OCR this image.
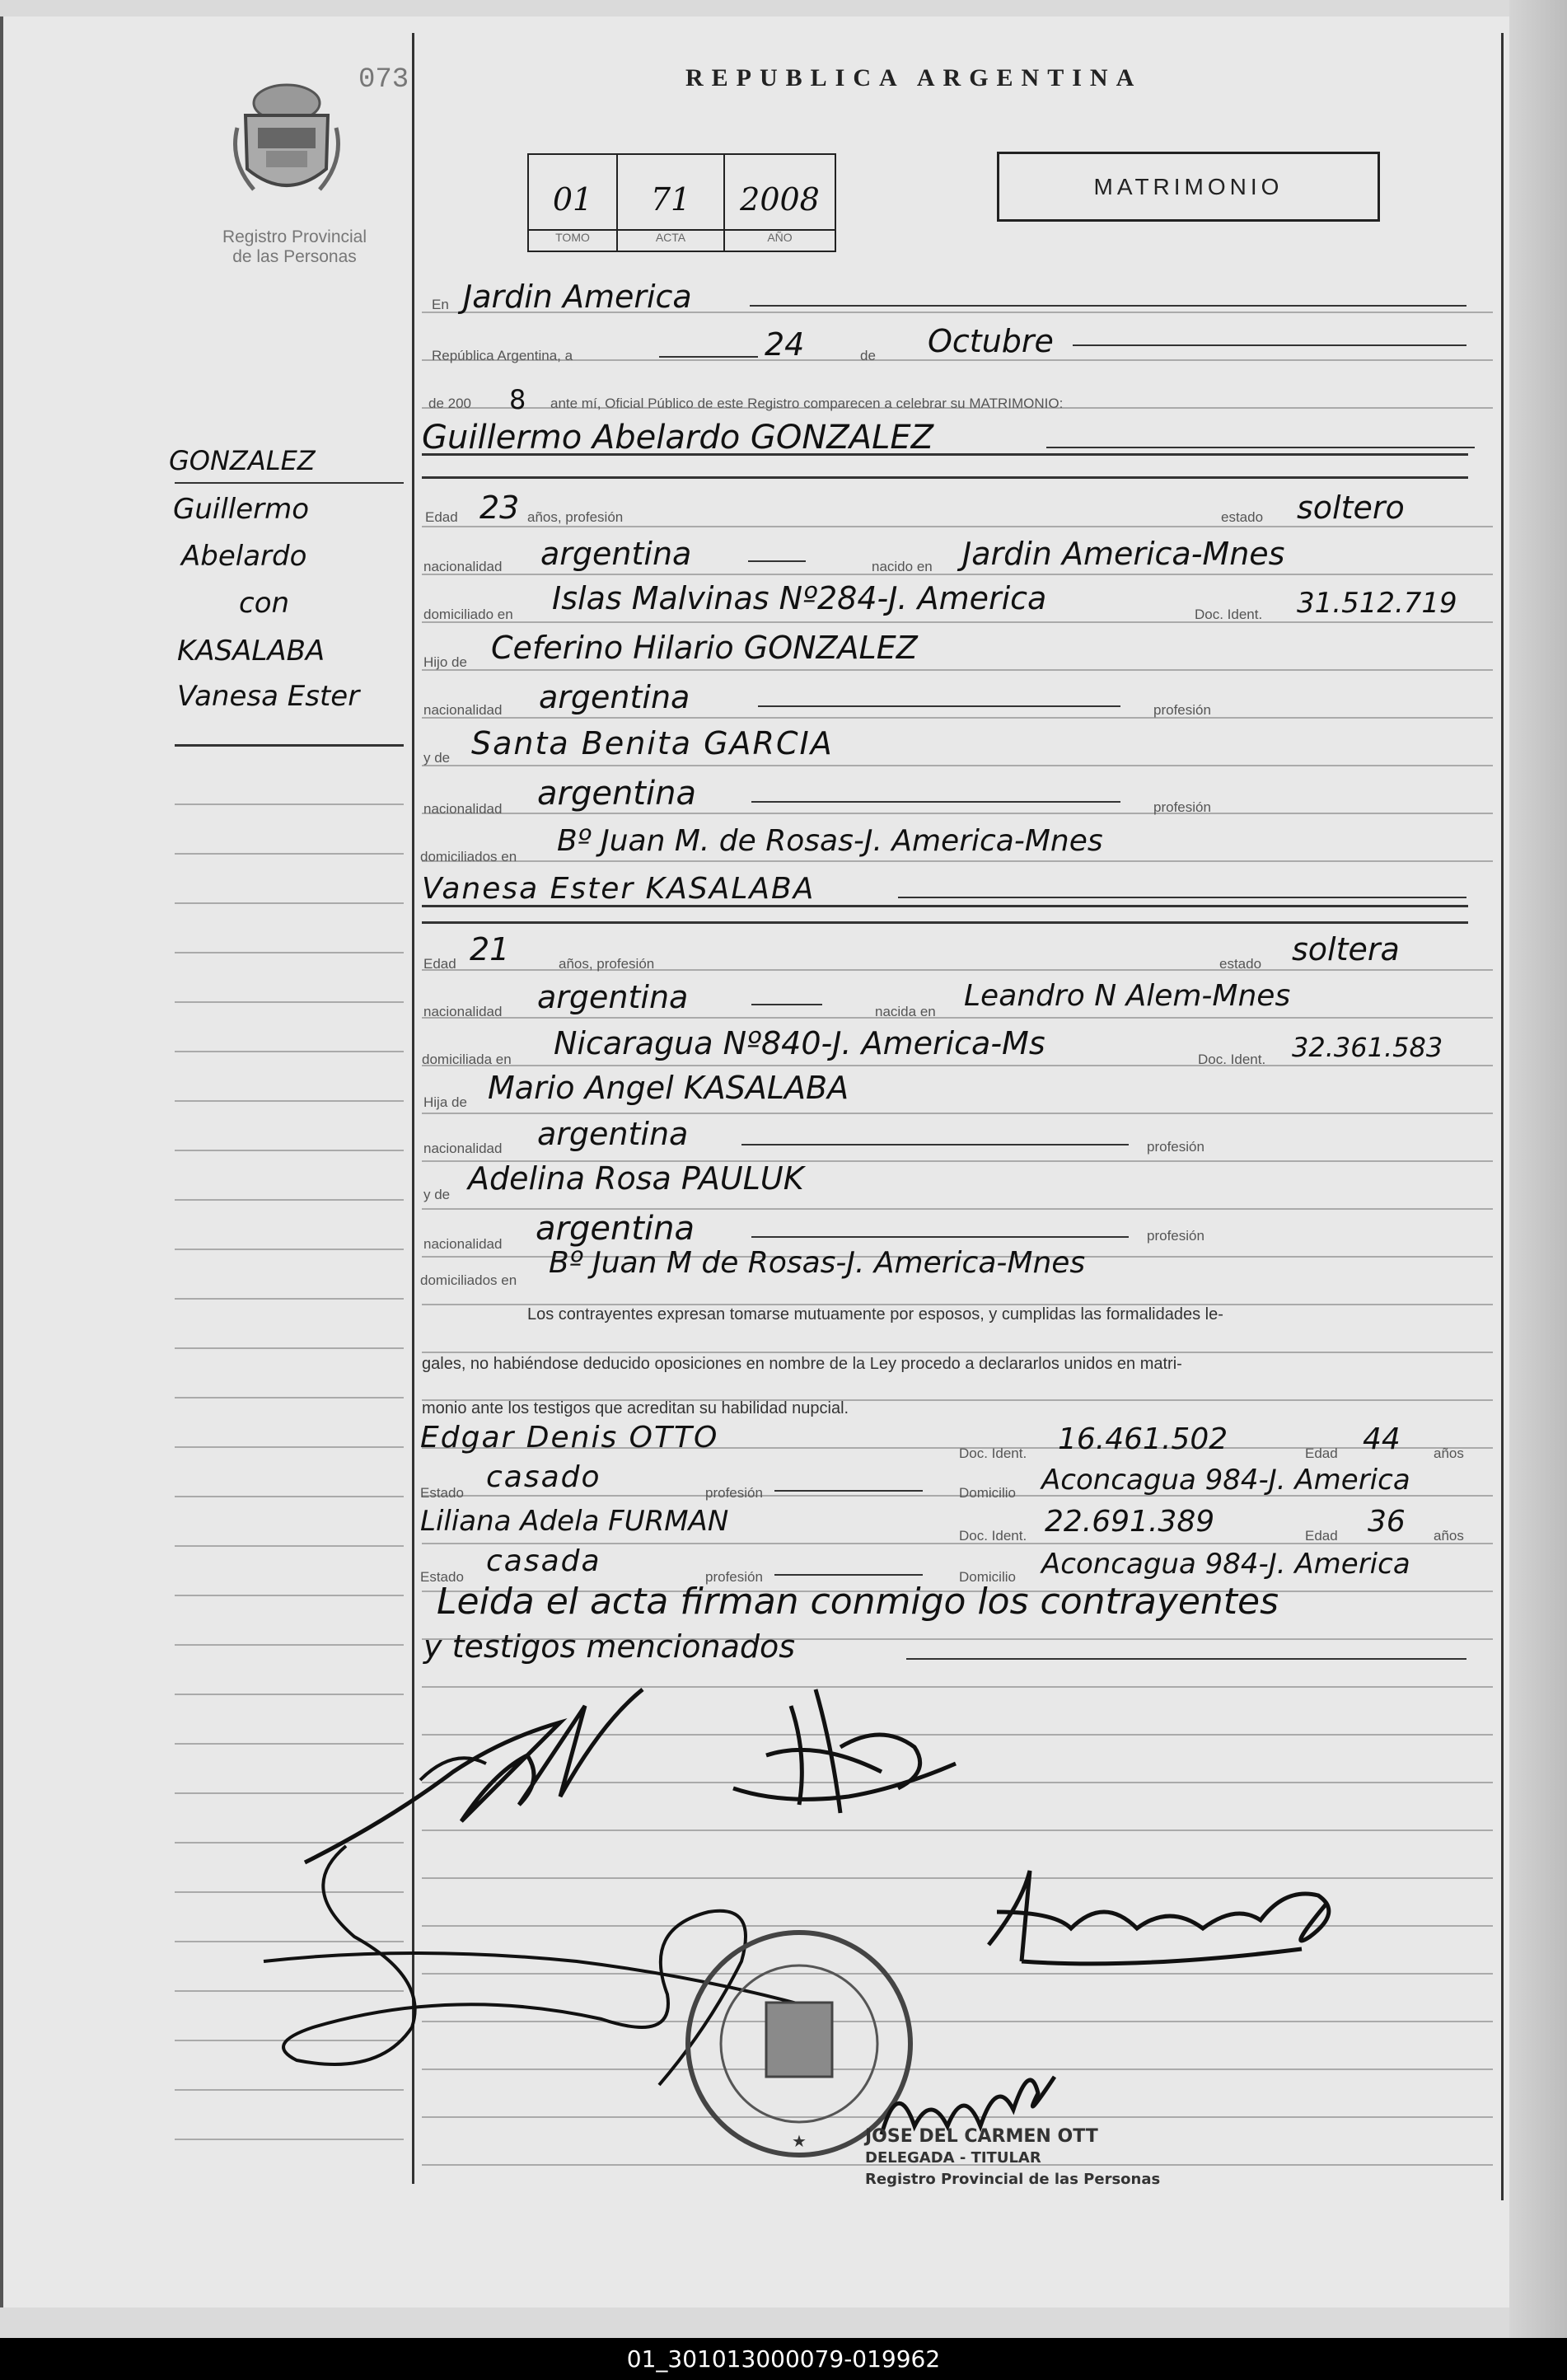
073	REPUBLICA ARGENTINA
Registro Provincial
de las Personas
01
TOMO
71
ACTA
2008
AÑO
MATRIMONIO
GONZALEZ
Guillermo
Abelardo
con
KASALABA
Vanesa Ester
En Jardin America
República Argentina, a	24	de Octubre
de 200 8 ante mí, Oficial Público de este Registro comparecen a celebrar su MATRIMONIO:
Guillermo Abelardo GONZALEZ
Edad 23 años, profesión	estado soltero
nacionalidad argentina	nacido en Jardin America-Mnes
domiciliado en Islas Malvinas Nº284-J. America	Doc. Ident. 31.512.719
Hijo de Ceferino Hilario GONZALEZ
nacionalidad argentina	profesión
y de Santa Benita GARCIA
nacionalidad argentina	profesión
domiciliados en Bº Juan M. de Rosas-J. America-Mnes
Vanesa Ester KASALABA
Edad 21	años, profesión	estado soltera
nacionalidad argentina	nacida en Leandro N Alem-Mnes
domiciliada en Nicaragua Nº840-J. America-Ms	Doc. Ident. 32.361.583
Hija de Mario Angel KASALABA
nacionalidad argentina	profesión
y de Adelina Rosa PAULUK
nacionalidad argentina	profesión
domiciliados en
Bº Juan M de Rosas-J. America-Mnes
Los contrayentes expresan tomarse mutuamente por esposos, y cumplidas las formalidades le-
gales, no habiéndose deducido oposiciones en nombre de la Ley procedo a declararlos unidos en matri-
monio ante los testigos que acreditan su habilidad nupcial.
Edgar Denis OTTO	Doc. Ident. 16.461.502	Edad 44 años
Estado casado	profesión	Domicilio Aconcagua 984-J. America
Liliana Adela FURMAN	Doc. Ident. 22.691.389	Edad 36 años
Estado casada	profesión	Domicilio Aconcagua 984-J. America
Leida el acta firman conmigo los contrayentes
y testigos mencionados
★	JOSE DEL CARMEN OTT
DELEGADA - TITULAR
Registro Provincial de las Personas
01_301013000079-019962
